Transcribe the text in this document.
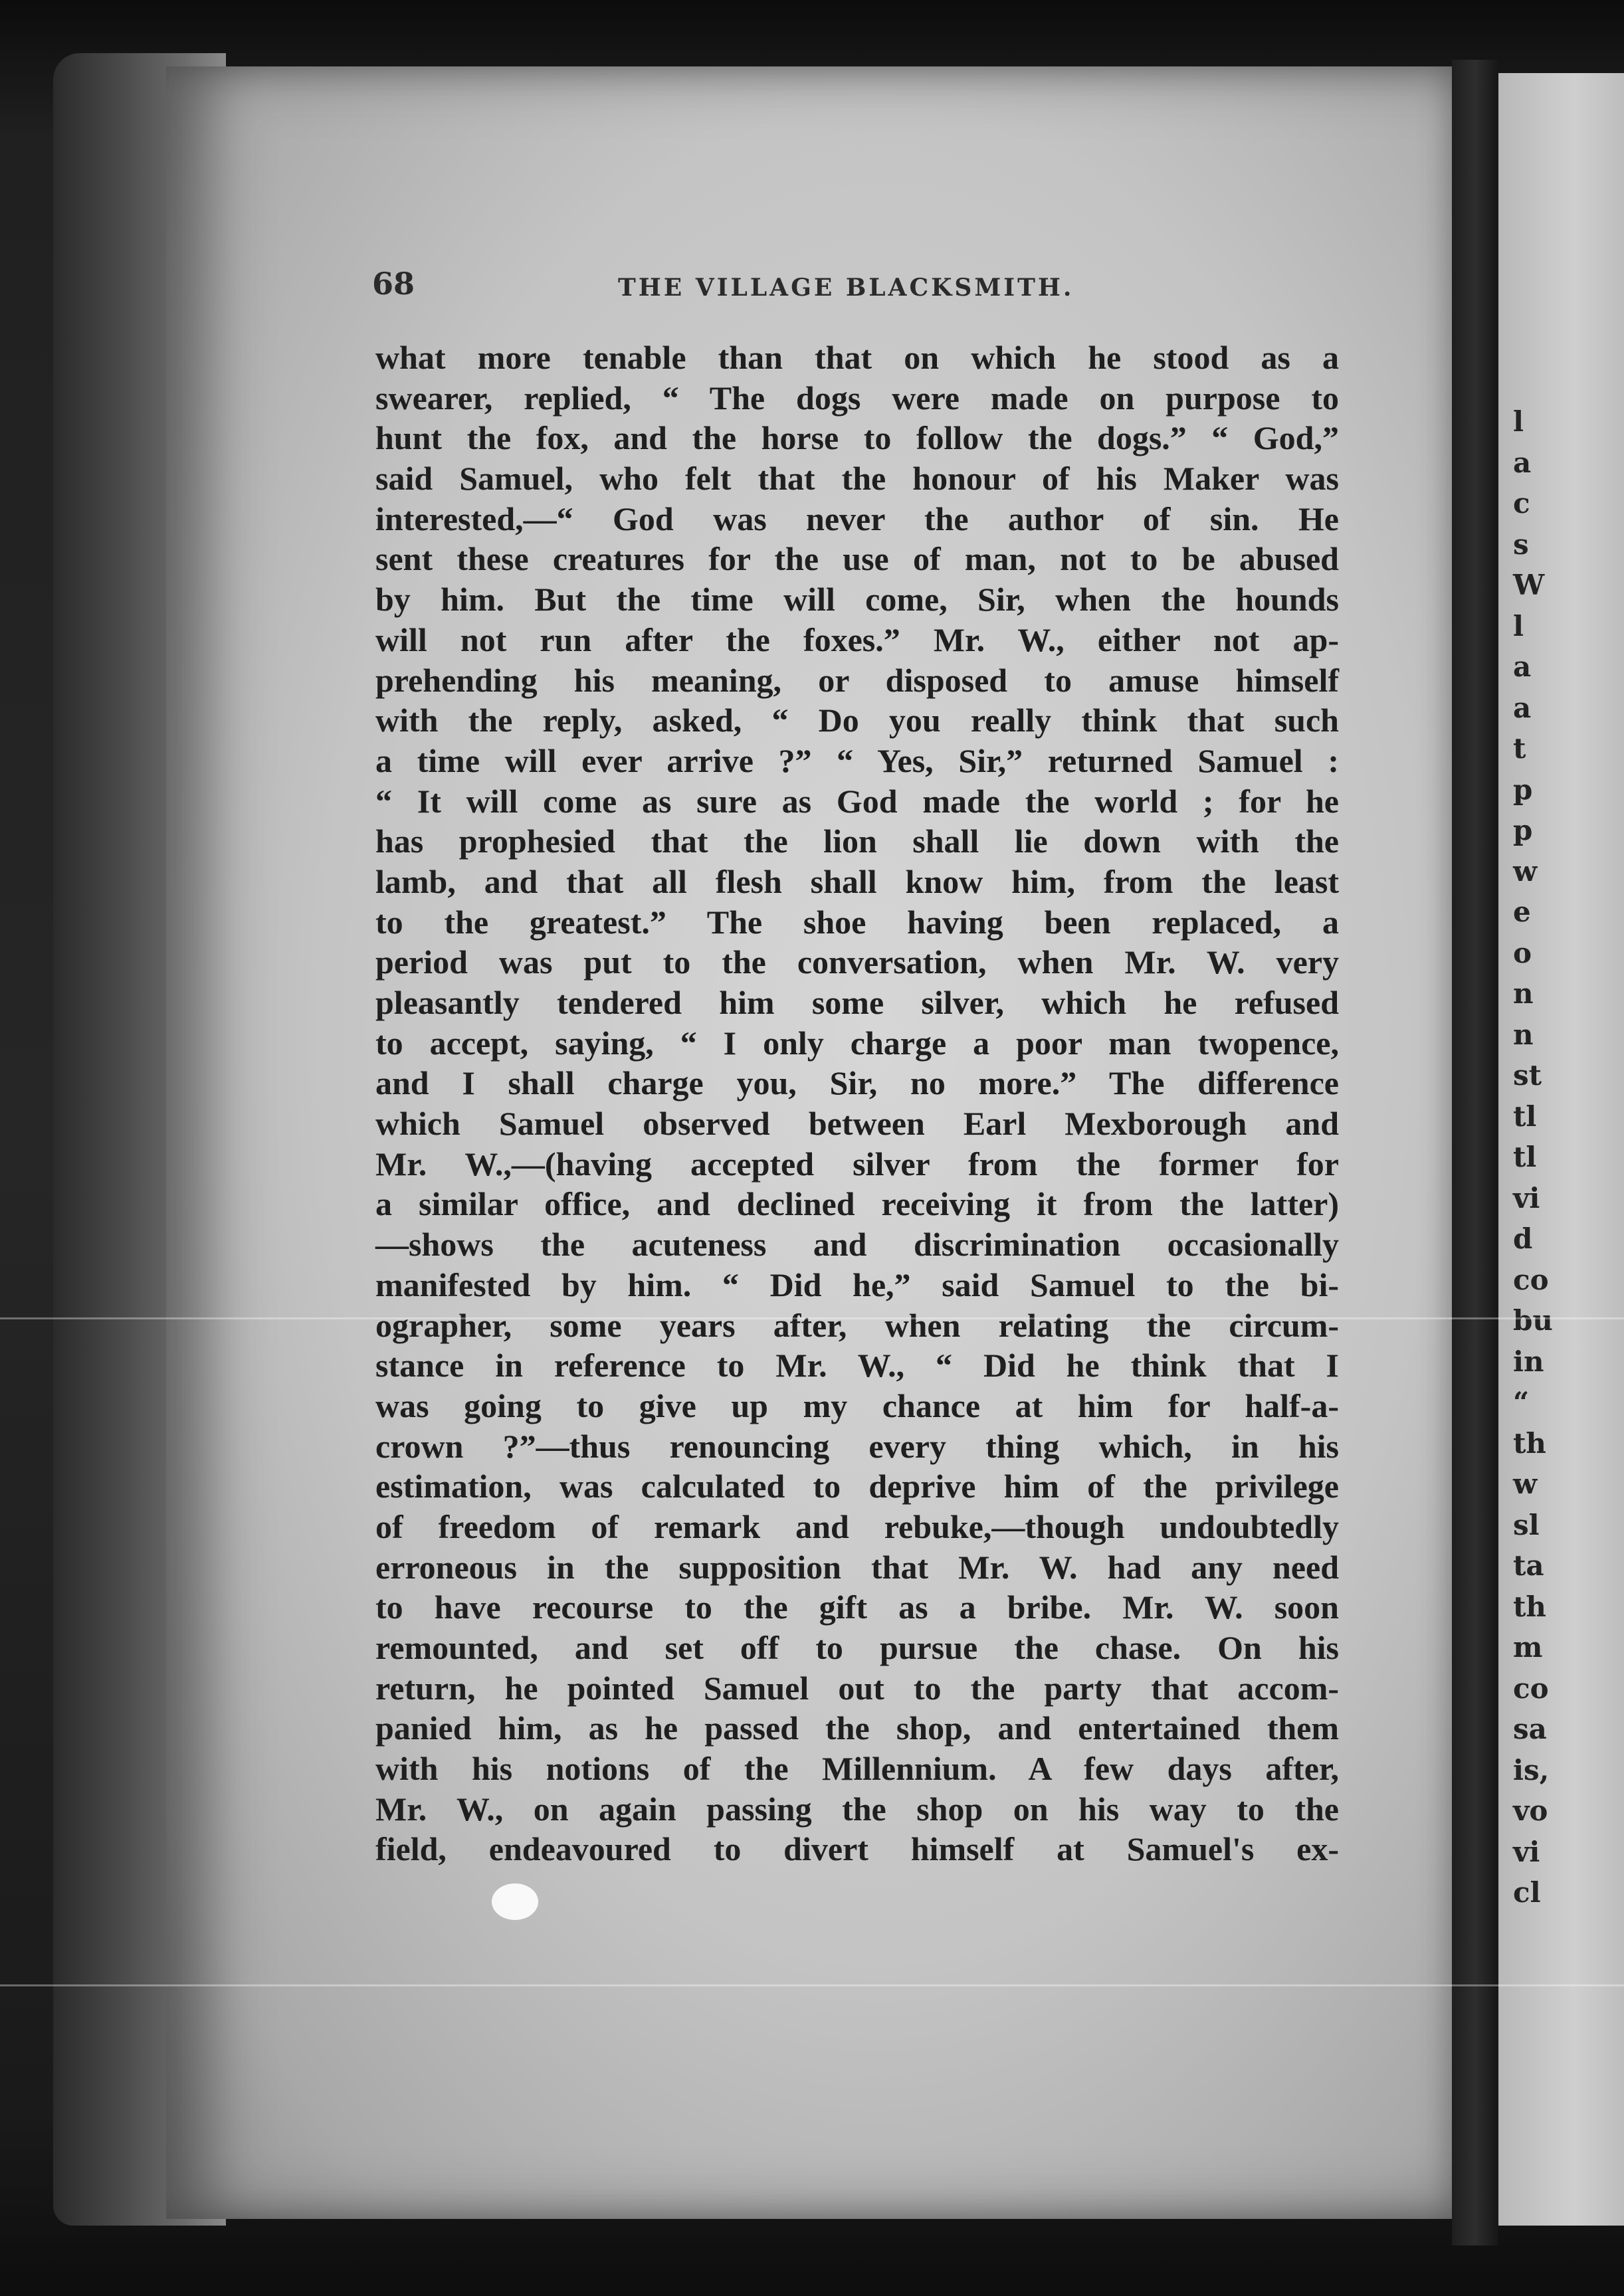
l
a
c
s
W
l
a
a
t
p
p
w
e
o
n
n
st
tl
tl
vi
d
co
bu
in
“
th
w
sl
ta
th
m
co
sa
is,
vo
vi
cl
68	THE VILLAGE BLACKSMITH.
what more tenable than that on which he stood as a
swearer, replied, “ The dogs were made on purpose to
hunt the fox, and the horse to follow the dogs.” “ God,”
said Samuel, who felt that the honour of his Maker was
interested,—“ God was never the author of sin. He
sent these creatures for the use of man, not to be abused
by him. But the time will come, Sir, when the hounds
will not run after the foxes.” Mr. W., either not ap-
prehending his meaning, or disposed to amuse himself
with the reply, asked, “ Do you really think that such
a time will ever arrive ?” “ Yes, Sir,” returned Samuel :
“ It will come as sure as God made the world ; for he
has prophesied that the lion shall lie down with the
lamb, and that all flesh shall know him, from the least
to the greatest.” The shoe having been replaced, a
period was put to the conversation, when Mr. W. very
pleasantly tendered him some silver, which he refused
to accept, saying, “ I only charge a poor man twopence,
and I shall charge you, Sir, no more.” The difference
which Samuel observed between Earl Mexborough and
Mr. W.,—(having accepted silver from the former for
a similar office, and declined receiving it from the latter)
—shows the acuteness and discrimination occasionally
manifested by him. “ Did he,” said Samuel to the bi-
ographer, some years after, when relating the circum-
stance in reference to Mr. W., “ Did he think that I
was going to give up my chance at him for half-a-
crown ?”—thus renouncing every thing which, in his
estimation, was calculated to deprive him of the privilege
of freedom of remark and rebuke,—though undoubtedly
erroneous in the supposition that Mr. W. had any need
to have recourse to the gift as a bribe. Mr. W. soon
remounted, and set off to pursue the chase. On his
return, he pointed Samuel out to the party that accom-
panied him, as he passed the shop, and entertained them
with his notions of the Millennium. A few days after,
Mr. W., on again passing the shop on his way to the
field, endeavoured to divert himself at Samuel's ex-
